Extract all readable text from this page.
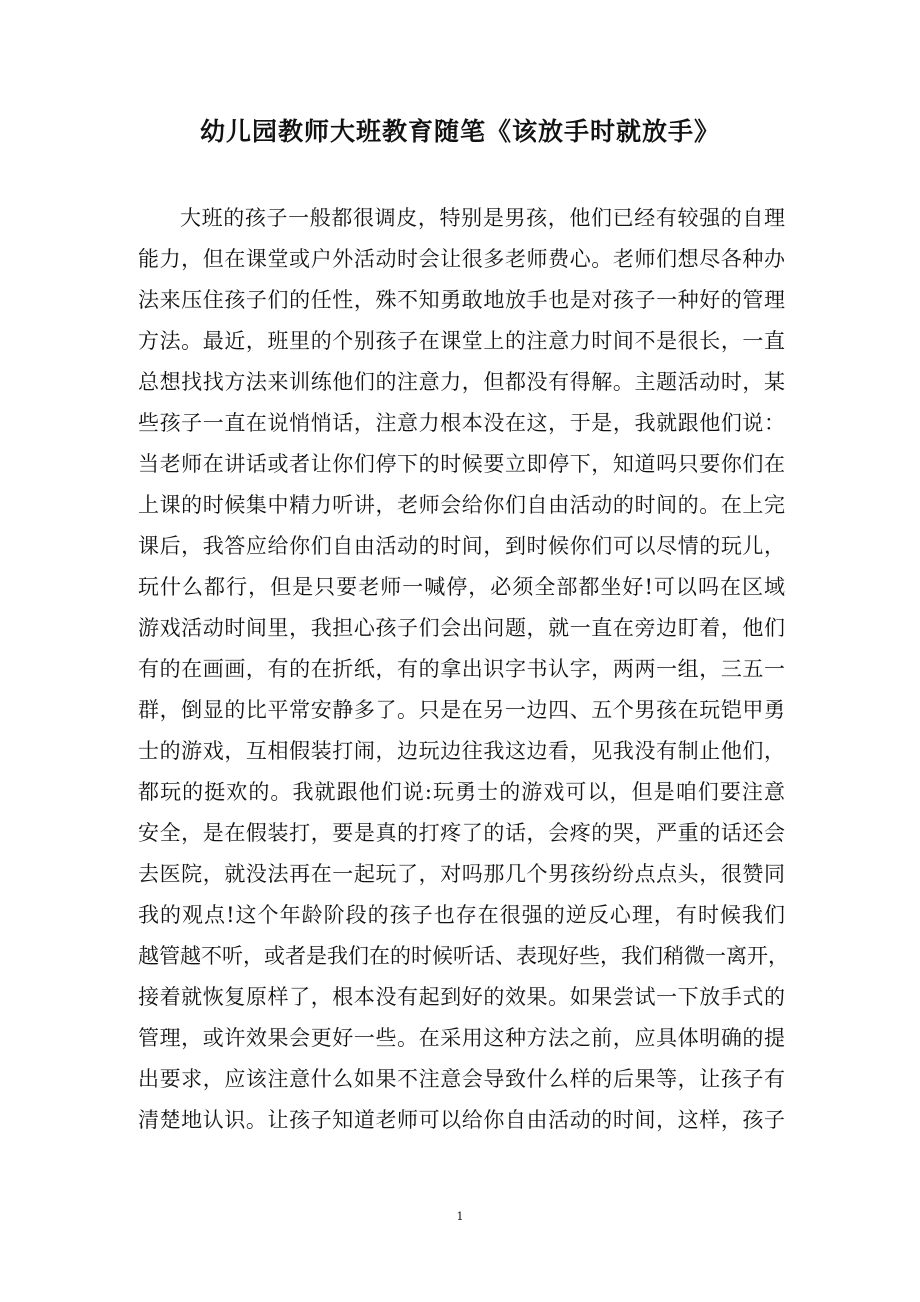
幼儿园教师大班教育随笔《该放手时就放手》
大班的孩子一般都很调皮，特别是男孩，他们已经有较强的自理
能力，但在课堂或户外活动时会让很多老师费心。老师们想尽各种办
法来压住孩子们的任性，殊不知勇敢地放手也是对孩子一种好的管理
方法。最近，班里的个别孩子在课堂上的注意力时间不是很长，一直
总想找找方法来训练他们的注意力，但都没有得解。主题活动时，某
些孩子一直在说悄悄话，注意力根本没在这，于是，我就跟他们说：
当老师在讲话或者让你们停下的时候要立即停下，知道吗只要你们在
上课的时候集中精力听讲，老师会给你们自由活动的时间的。在上完
课后，我答应给你们自由活动的时间，到时候你们可以尽情的玩儿，
玩什么都行，但是只要老师一喊停，必须全部都坐好!可以吗在区域
游戏活动时间里，我担心孩子们会出问题，就一直在旁边盯着，他们
有的在画画，有的在折纸，有的拿出识字书认字，两两一组，三五一
群，倒显的比平常安静多了。只是在另一边四、五个男孩在玩铠甲勇
士的游戏，互相假装打闹，边玩边往我这边看，见我没有制止他们，
都玩的挺欢的。我就跟他们说:玩勇士的游戏可以，但是咱们要注意
安全，是在假装打，要是真的打疼了的话，会疼的哭，严重的话还会
去医院，就没法再在一起玩了，对吗那几个男孩纷纷点点头，很赞同
我的观点!这个年龄阶段的孩子也存在很强的逆反心理，有时候我们
越管越不听，或者是我们在的时候听话、表现好些，我们稍微一离开，
接着就恢复原样了，根本没有起到好的效果。如果尝试一下放手式的
管理，或许效果会更好一些。在采用这种方法之前，应具体明确的提
出要求，应该注意什么如果不注意会导致什么样的后果等，让孩子有
清楚地认识。让孩子知道老师可以给你自由活动的时间，这样，孩子
1
